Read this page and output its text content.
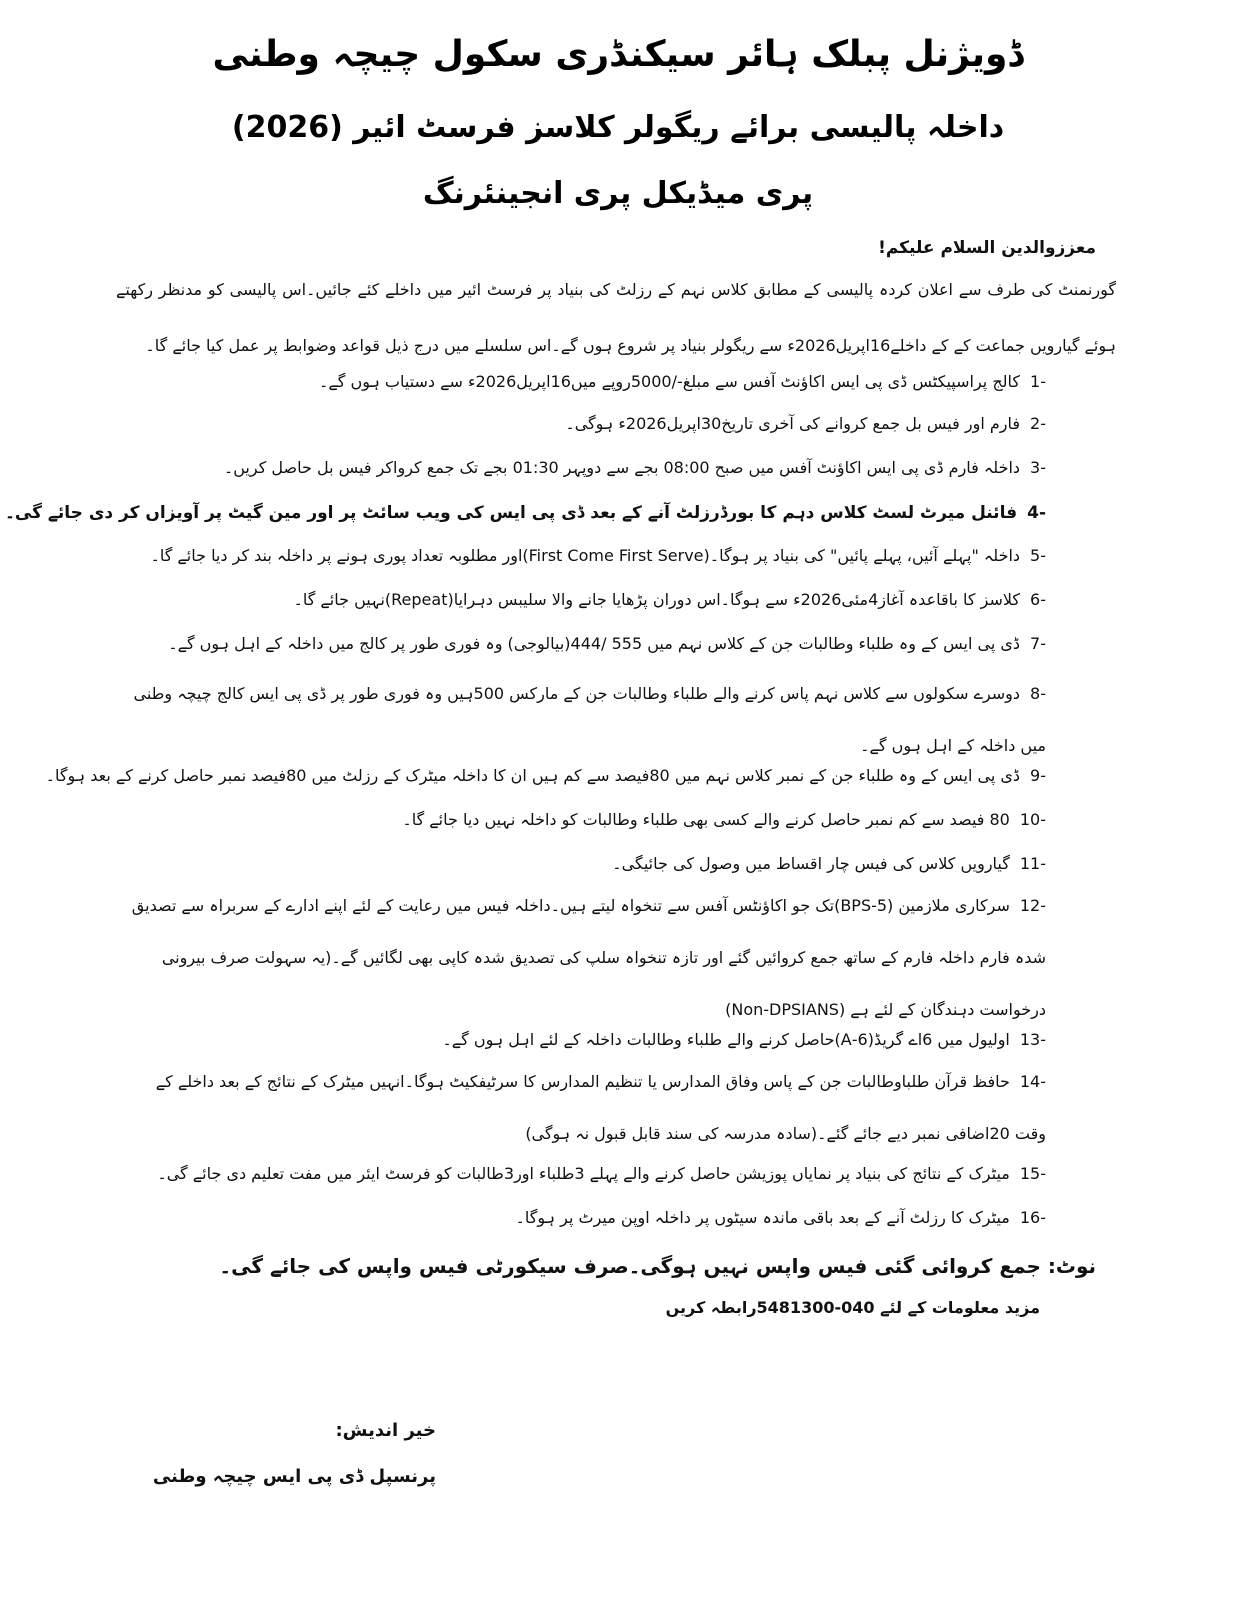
ڈویژنل پبلک ہائر سیکنڈری سکول چیچہ وطنی
داخلہ پالیسی برائے ریگولر کلاسز فرسٹ ائیر (2026)
پری میڈیکل پری انجینئرنگ
معززوالدین السلام علیکم!
گورنمنٹ کی طرف سے اعلان کردہ پالیسی کے مطابق کلاس نہم کے رزلٹ کی بنیاد پر فرسٹ ائیر میں داخلے کئے جائیں۔اس پالیسی کو مدنظر رکھتے ہوئے گیارویں جماعت کے کے داخلے16اپریل2026ء سے ریگولر بنیاد پر شروع ہوں گے۔اس سلسلے میں درج ذیل قواعد وضوابط پر عمل کیا جائے گا۔
-1کالج پراسپیکٹس ڈی پی ایس اکاؤنٹ آفس سے مبلغ-/5000روپے میں16اپریل2026ء سے دستیاب ہوں گے۔
-2فارم اور فیس بل جمع کروانے کی آخری تاریخ30اپریل2026ء ہوگی۔
-3داخلہ فارم ڈی پی ایس اکاؤنٹ آفس میں صبح 08:00 بجے سے دوپہر 01:30 بجے تک جمع کرواکر فیس بل حاصل کریں۔
-4فائنل میرٹ لسٹ کلاس دہم کا بورڈرزلٹ آنے کے بعد ڈی پی ایس کی ویب سائٹ پر اور مین گیٹ پر آویزاں کر دی جائے گی۔
-5داخلہ "پہلے آئیں، پہلے پائیں" کی بنیاد پر ہوگا۔(First Come First Serve)اور مطلوبہ تعداد پوری ہونے پر داخلہ بند کر دیا جائے گا۔
-6کلاسز کا باقاعدہ آغاز4مئی2026ء سے ہوگا۔اس دوران پڑھایا جانے والا سلیبس دہرایا(Repeat)نہیں جائے گا۔
-7ڈی پی ایس کے وہ طلباء وطالبات جن کے کلاس نہم میں 555 /444(بیالوجی) وہ فوری طور پر کالج میں داخلہ کے اہل ہوں گے۔
-8دوسرے سکولوں سے کلاس نہم پاس کرنے والے طلباء وطالبات جن کے مارکس 500ہیں وہ فوری طور پر ڈی پی ایس کالج چیچہ وطنی میں داخلہ کے اہل ہوں گے۔
-9ڈی پی ایس کے وہ طلباء جن کے نمبر کلاس نہم میں 80فیصد سے کم ہیں ان کا داخلہ میٹرک کے رزلٹ میں 80فیصد نمبر حاصل کرنے کے بعد ہوگا۔
-1080 فیصد سے کم نمبر حاصل کرنے والے کسی بھی طلباء وطالبات کو داخلہ نہیں دیا جائے گا۔
-11گیارویں کلاس کی فیس چار اقساط میں وصول کی جائیگی۔
-12سرکاری ملازمین (BPS-5)تک جو اکاؤنٹس آفس سے تنخواہ لیتے ہیں۔داخلہ فیس میں رعایت کے لئے اپنے ادارے کے سربراہ سے تصدیق شدہ فارم داخلہ فارم کے ساتھ جمع کروائیں گئے اور تازہ تنخواہ سلپ کی تصدیق شدہ کاپی بھی لگائیں گے۔(یہ سہولت صرف بیرونی درخواست دہندگان کے لئے ہے (Non-DPSIANS)
-13اولیول میں 6اے گریڈ(6-A)حاصل کرنے والے طلباء وطالبات داخلہ کے لئے اہل ہوں گے۔
-14حافظ قرآن طلباوطالبات جن کے پاس وفاق المدارس یا تنظیم المدارس کا سرٹیفکیٹ ہوگا۔انہیں میٹرک کے نتائج کے بعد داخلے کے وقت 20اضافی نمبر دیے جائے گئے۔(سادہ مدرسہ کی سند قابل قبول نہ ہوگی)
-15میٹرک کے نتائج کی بنیاد پر نمایاں پوزیشن حاصل کرنے والے پہلے 3طلباء اور3طالبات کو فرسٹ ایئر میں مفت تعلیم دی جائے گی۔
-16میٹرک کا رزلٹ آنے کے بعد باقی ماندہ سیٹوں پر داخلہ اوپن میرٹ پر ہوگا۔
نوٹ: جمع کروائی گئی فیس واپس نہیں ہوگی۔صرف سیکورٹی فیس واپس کی جائے گی۔
مزید معلومات کے لئے 040-5481300رابطہ کریں
خیر اندیش:
پرنسپل ڈی پی ایس چیچہ وطنی
